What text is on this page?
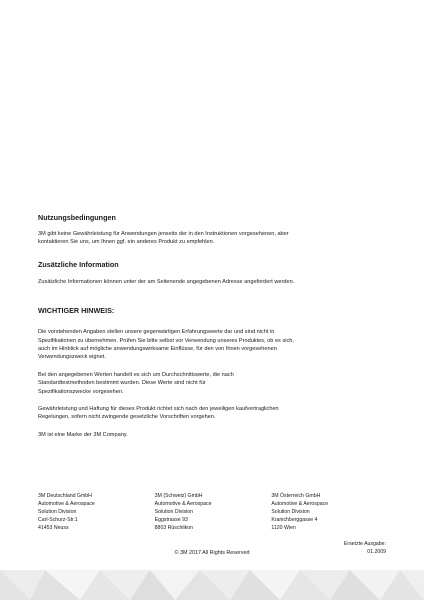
Nutzungsbedingungen

3M gibt keine Gewährleistung für Anwendungen jenseits der in den Instruktionen vorgesehenen, aber

kontaktieren Sie uns, um Ihnen ggf. ein anderes Produkt zu empfehlen.

Zusätzliche Information

Zusätzliche Informationen können unter der am Seitenende angegebenen Adresse angefordert werden.

WICHTIGER HINWEIS:

Die vorstehenden Angaben stellen unsere gegenwärtigen Erfahrungswerte dar und sind nicht in

Spezifikationen zu übernehmen. Prüfen Sie bitte selbst vor Verwendung unseres Produktes, ob es sich,

auch im Hinblick auf mögliche anwendungswirksame Einflüsse, für den von Ihnen vorgesehenen

Verwendungszweck eignet.

Bei den angegebenen Werten handelt es sich um Durchschnittswerte, die nach

Standardtestmethoden bestimmt wurden. Diese Werte sind nicht für

Spezifikationszwecke vorgesehen.

Gewährleistung und Haftung für dieses Produkt richtet sich nach den jeweiligen kaufvertraglichen

Regelungen, sofern nicht zwingende gesetzliche Vorschriften vorgehen.

3M ist eine Marke der 3M Company.

3M Deutschland GmbH
Automotive & Aerospace
Solution Division
Carl-Schurz-Str.1
41453 Neuss
3M (Schweiz) GmbH
Automotive & Aerospace
Solution Division
Eggstrasse 93
8803 Rüschlikon
3M Österreich GmbH
Automotive & Aerospace
Solution Division
Kranichberggasse 4
1120 Wien
Ersetzte Ausgabe:
01.2009
© 3M 2017 All Rights Reserved
